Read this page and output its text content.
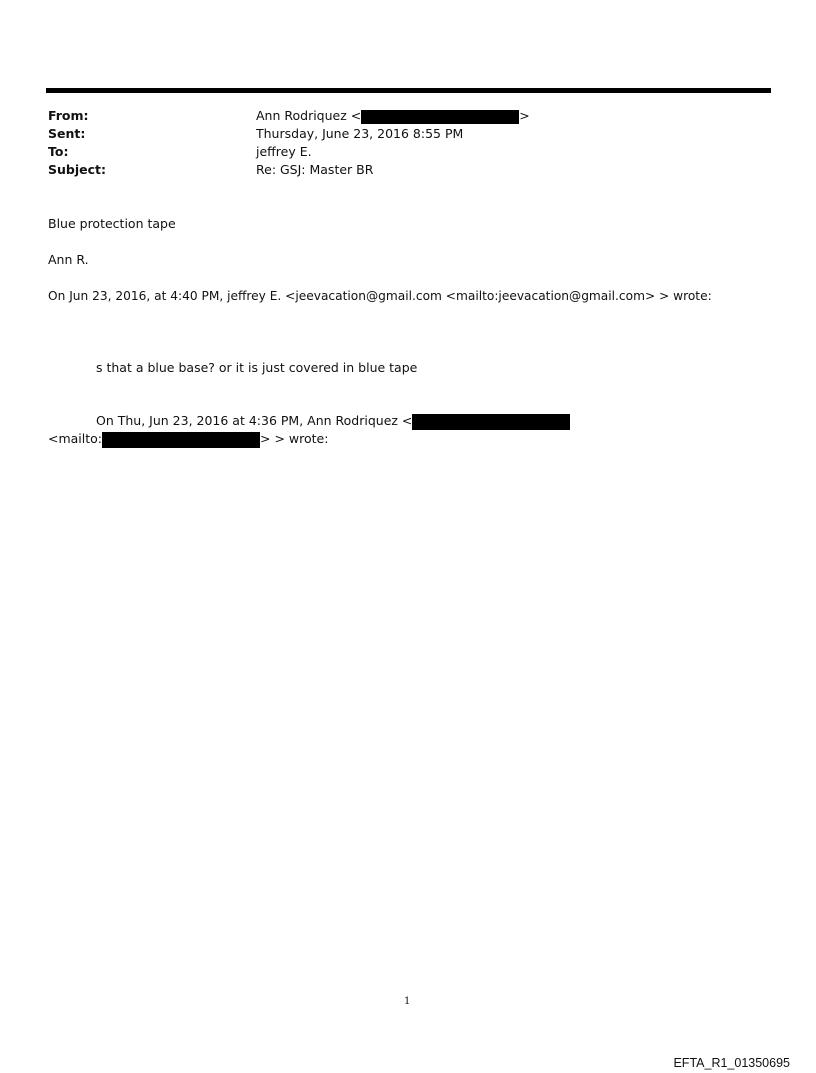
From:	Ann Rodriquez <	>
Sent:	Thursday, June 23, 2016 8:55 PM
To:	jeffrey E.
Subject:	Re: GSJ: Master BR
Blue protection tape
Ann R.
On Jun 23, 2016, at 4:40 PM, jeffrey E. <jeevacation@gmail.com <mailto:jeevacation@gmail.com> > wrote:
s that a blue base? or it is just covered in blue tape
On Thu, Jun 23, 2016 at 4:36 PM, Ann Rodriquez <
<mailto:	> > wrote:
1
EFTA_R1_01350695
